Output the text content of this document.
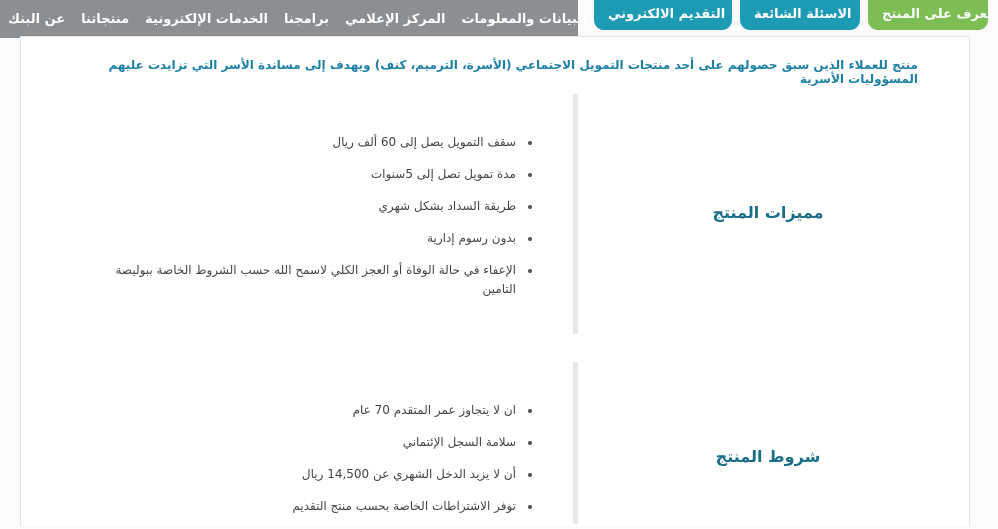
عن البنك	منتجاتنا	الخدمات الإلكترونية	برامجنا	المركز الإعلامي	البيانات والمعلومات	تعرف على المنتج
الاسئلة الشائعة
التقديم الالكتروني
منتج للعملاء الذين سبق حصولهم على أحد منتجات التمويل الاجتماعي (الأسرة، الترميم، كنف) ويهدف إلى مساندة الأسر التي تزايدت عليهم المسؤوليات الأسرية
مميزات المنتج
سقف التمويل يصل إلى 60 ألف ريال
مدة تمويل تصل إلى 5سنوات
طريقة السداد بشكل شهري
بدون رسوم إدارية
الإعفاء في حالة الوفاة أو العجز الكلي لاسمح الله حسب الشروط الخاصة ببوليصة التامين
شروط المنتج
ان لا يتجاوز عمر المتقدم 70 عام
سلامة السجل الإئتماني
أن لا يزيد الدخل الشهري عن 14,500 ريال
توفر الاشتراطات الخاصة بحسب منتج التقديم
